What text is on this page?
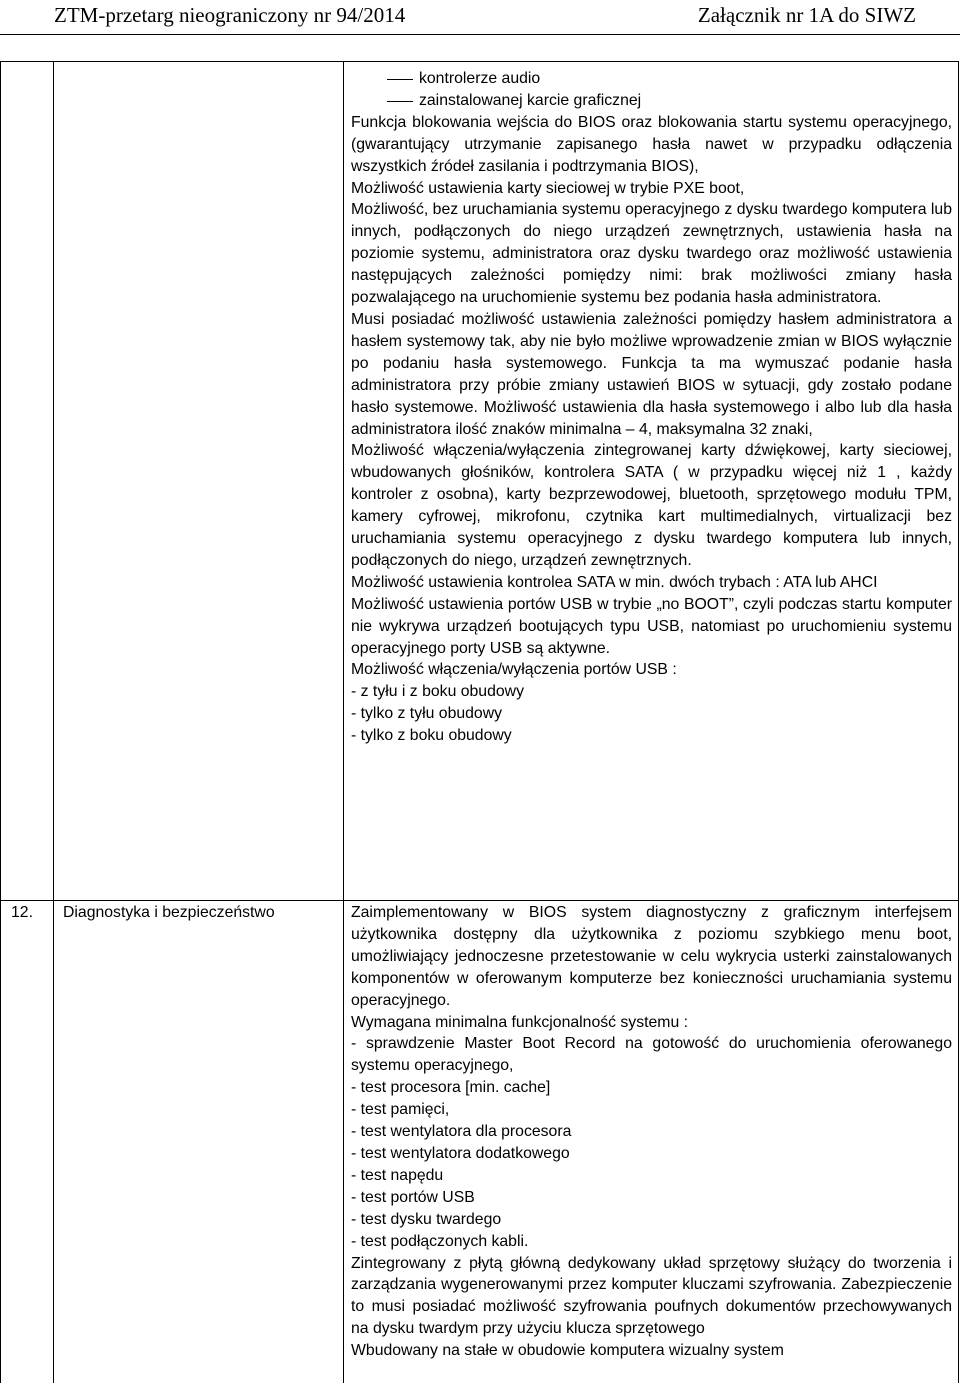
ZTM-przetarg nieograniczony nr 94/2014	Załącznik nr 1A do SIWZ
kontrolerze audio
zainstalowanej karcie graficznej

Funkcja blokowania wejścia do BIOS oraz blokowania startu systemu operacyjnego, (gwarantujący utrzymanie zapisanego hasła nawet w przypadku odłączenia wszystkich źródeł zasilania i podtrzymania BIOS),

Możliwość ustawienia karty sieciowej w trybie PXE boot,

Możliwość, bez uruchamiania systemu operacyjnego z dysku twardego komputera lub innych, podłączonych do niego urządzeń zewnętrznych, ustawienia hasła na poziomie systemu, administratora oraz dysku twardego oraz możliwość ustawienia następujących zależności pomiędzy nimi: brak możliwości zmiany hasła pozwalającego na uruchomienie systemu bez podania hasła administratora.

Musi posiadać możliwość ustawienia zależności pomiędzy hasłem administratora a hasłem systemowy tak, aby nie było możliwe wprowadzenie zmian w BIOS wyłącznie po podaniu hasła systemowego. Funkcja ta ma wymuszać podanie hasła administratora przy próbie zmiany ustawień BIOS w sytuacji, gdy zostało podane hasło systemowe. Możliwość ustawienia dla hasła systemowego i albo lub dla hasła administratora ilość znaków minimalna – 4, maksymalna 32 znaki,

Możliwość włączenia/wyłączenia zintegrowanej karty dźwiękowej, karty sieciowej, wbudowanych głośników, kontrolera SATA ( w przypadku więcej niż 1 , każdy kontroler z osobna), karty bezprzewodowej, bluetooth, sprzętowego modułu TPM, kamery cyfrowej, mikrofonu, czytnika kart multimedialnych, virtualizacji bez uruchamiania systemu operacyjnego z dysku twardego komputera lub innych, podłączonych do niego, urządzeń zewnętrznych.

Możliwość ustawienia kontrolea SATA w min. dwóch trybach : ATA lub AHCI

Możliwość ustawienia portów USB w trybie „no BOOT”, czyli podczas startu komputer nie wykrywa urządzeń bootujących typu USB, natomiast po uruchomieniu systemu operacyjnego porty USB są aktywne.

Możliwość włączenia/wyłączenia portów USB :

- z tyłu i z boku obudowy

- tylko z tyłu obudowy

- tylko z boku obudowy

12. Diagnostyka i bezpieczeństwo	Zaimplementowany w BIOS system diagnostyczny z graficznym interfejsem użytkownika dostępny dla użytkownika z poziomu szybkiego menu boot, umożliwiający jednoczesne przetestowanie w celu wykrycia usterki zainstalowanych komponentów w oferowanym komputerze bez konieczności uruchamiania systemu operacyjnego.

Wymagana minimalna funkcjonalność systemu :

- sprawdzenie Master Boot Record na gotowość do uruchomienia oferowanego systemu operacyjnego,

- test procesora [min. cache]

- test pamięci,

- test wentylatora dla procesora

- test wentylatora dodatkowego

- test napędu

- test portów USB

- test dysku twardego

- test podłączonych kabli.

Zintegrowany z płytą główną dedykowany układ sprzętowy służący do tworzenia i zarządzania wygenerowanymi przez komputer kluczami szyfrowania. Zabezpieczenie to musi posiadać możliwość szyfrowania poufnych dokumentów przechowywanych na dysku twardym przy użyciu klucza sprzętowego

Wbudowany na stałe w obudowie komputera wizualny system
